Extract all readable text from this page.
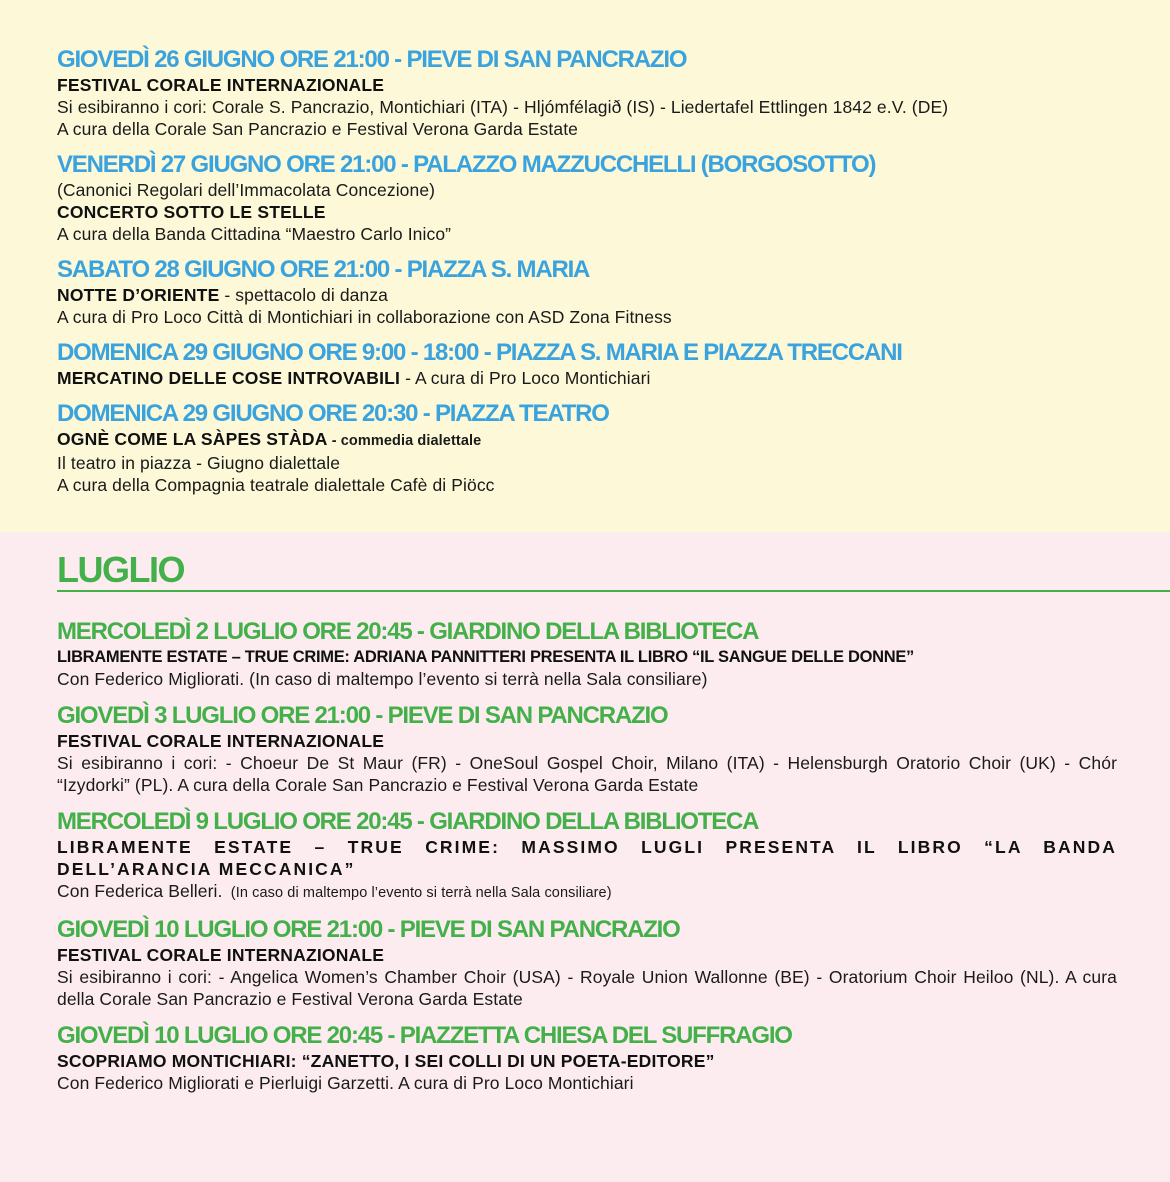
GIOVEDÌ 26 GIUGNO ORE 21:00 - PIEVE DI SAN PANCRAZIO
FESTIVAL CORALE INTERNAZIONALE
Si esibiranno i cori: Corale S. Pancrazio, Montichiari (ITA) - Hljómfélagið (IS) - Liedertafel Ettlingen 1842 e.V. (DE)
A cura della Corale San Pancrazio e Festival Verona Garda Estate
VENERDÌ 27 GIUGNO ORE 21:00 - PALAZZO MAZZUCCHELLI (BORGOSOTTO)
(Canonici Regolari dell’Immacolata Concezione)
CONCERTO SOTTO LE STELLE
A cura della Banda Cittadina “Maestro Carlo Inico”
SABATO 28 GIUGNO ORE 21:00 - PIAZZA S. MARIA
NOTTE D’ORIENTE - spettacolo di danza
A cura di Pro Loco Città di Montichiari in collaborazione con ASD Zona Fitness
DOMENICA 29 GIUGNO ORE 9:00 - 18:00 - PIAZZA S. MARIA E PIAZZA TRECCANI
MERCATINO DELLE COSE INTROVABILI - A cura di Pro Loco Montichiari
DOMENICA 29 GIUGNO ORE 20:30 - PIAZZA TEATRO
OGNÈ COME LA SÀPES STÀDA - commedia dialettale
Il teatro in piazza - Giugno dialettale
A cura della Compagnia teatrale dialettale Cafè di Piöcc
LUGLIO
MERCOLEDÌ 2 LUGLIO ORE 20:45 - GIARDINO DELLA BIBLIOTECA
LIBRAMENTE ESTATE – TRUE CRIME: ADRIANA PANNITTERI PRESENTA IL LIBRO “IL SANGUE DELLE DONNE”
Con Federico Migliorati. (In caso di maltempo l’evento si terrà nella Sala consiliare)
GIOVEDÌ 3 LUGLIO ORE 21:00 - PIEVE DI SAN PANCRAZIO
FESTIVAL CORALE INTERNAZIONALE
Si esibiranno i cori: - Choeur De St Maur (FR) - OneSoul Gospel Choir, Milano (ITA) - Helensburgh Oratorio Choir (UK) - Chór “Izydorki” (PL). A cura della Corale San Pancrazio e Festival Verona Garda Estate
MERCOLEDÌ 9 LUGLIO ORE 20:45 - GIARDINO DELLA BIBLIOTECA
LIBRAMENTE ESTATE – TRUE CRIME: MASSIMO LUGLI PRESENTA IL LIBRO “LA BANDA DELL’ARANCIA MECCANICA”
Con Federica Belleri.  (In caso di maltempo l’evento si terrà nella Sala consiliare)
GIOVEDÌ 10 LUGLIO ORE 21:00 - PIEVE DI SAN PANCRAZIO
FESTIVAL CORALE INTERNAZIONALE
Si esibiranno i cori: - Angelica Women’s Chamber Choir (USA) - Royale Union Wallonne (BE) - Oratorium Choir Heiloo (NL). A cura della Corale San Pancrazio e Festival Verona Garda Estate
GIOVEDÌ 10 LUGLIO ORE 20:45 - PIAZZETTA CHIESA DEL SUFFRAGIO
SCOPRIAMO MONTICHIARI: “ZANETTO, I SEI COLLI DI UN POETA-EDITORE”
Con Federico Migliorati e Pierluigi Garzetti. A cura di Pro Loco Montichiari
